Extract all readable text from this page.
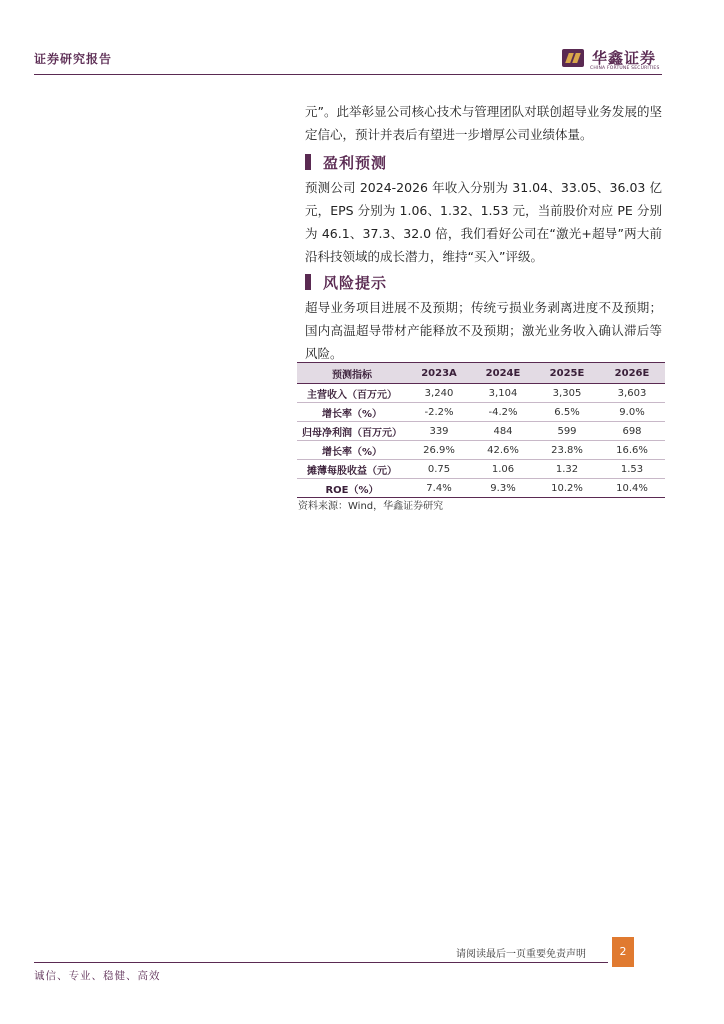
证券研究报告	华鑫证券
CHINA FORTUNE SECURITIES

元”。此举彰显公司核心技术与管理团队对联创超导业务发展的坚定信心，预计并表后有望进一步增厚公司业绩体量。

盈利预测

预测公司 2024-2026 年收入分别为 31.04、33.05、36.03 亿元，EPS 分别为 1.06、1.32、1.53 元，当前股价对应 PE 分别为 46.1、37.3、32.0 倍，我们看好公司在“激光+超导”两大前沿科技领域的成长潜力，维持“买入”评级。

风险提示

超导业务项目进展不及预期；传统亏损业务剥离进度不及预期；国内高温超导带材产能释放不及预期；激光业务收入确认滞后等风险。

预测指标	2023A	2024E	2025E	2026E
主营收入（百万元）	3,240	3,104	3,305	3,603
增长率（%）	-2.2%	-4.2%	6.5%	9.0%
归母净利润（百万元）	339	484	599	698
增长率（%）	26.9%	42.6%	23.8%	16.6%
摊薄每股收益（元）	0.75	1.06	1.32	1.53
ROE（%）	7.4%	9.3%	10.2%	10.4%
资料来源：Wind，华鑫证券研究
请阅读最后一页重要免责声明	2
诚信、专业、稳健、高效
